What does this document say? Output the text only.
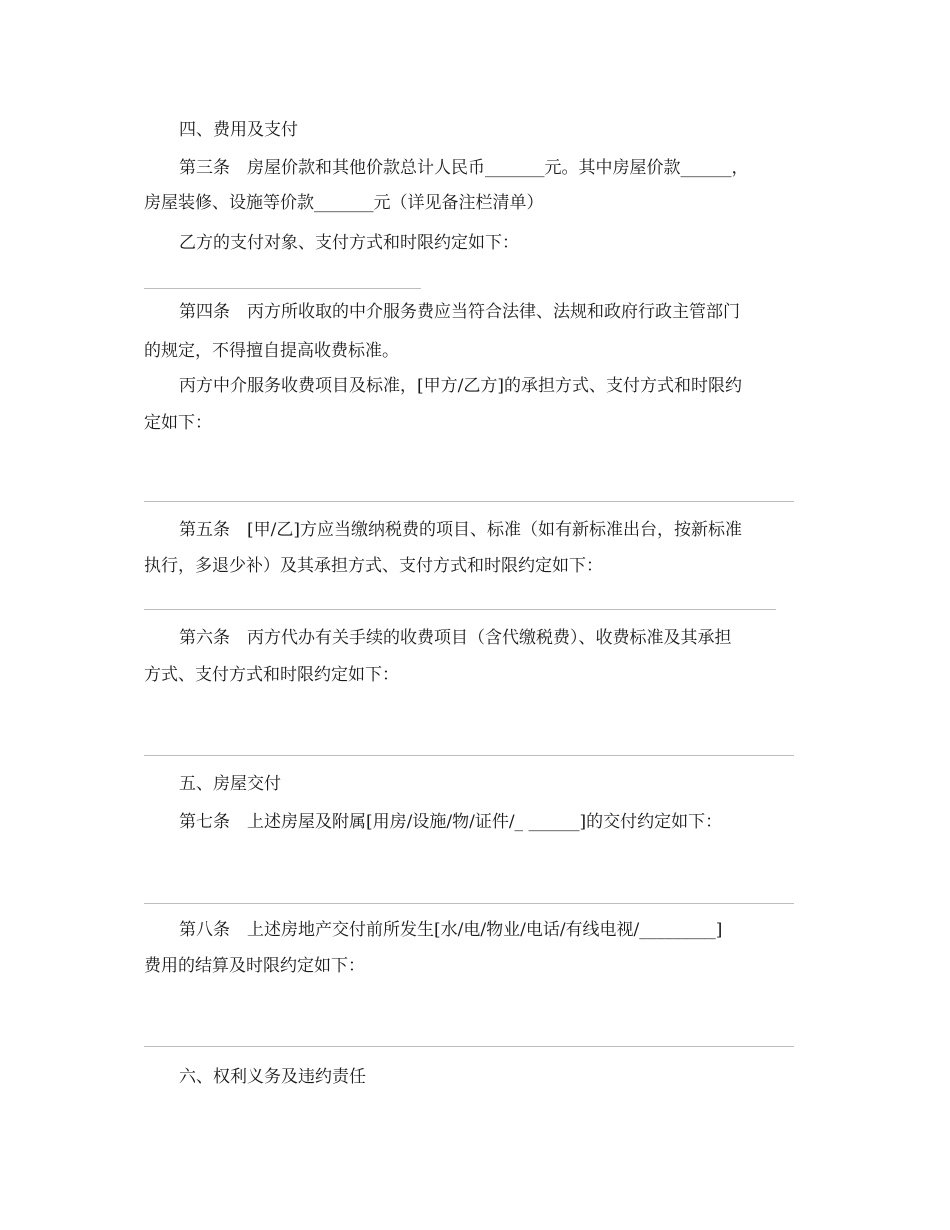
四、费用及支付
第三条　房屋价款和其他价款总计人民币_______元。其中房屋价款______，
房屋装修、设施等价款_______元（详见备注栏清单）
乙方的支付对象、支付方式和时限约定如下：
第四条　丙方所收取的中介服务费应当符合法律、法规和政府行政主管部门
的规定，不得擅自提高收费标准。
丙方中介服务收费项目及标准，[甲方/乙方]的承担方式、支付方式和时限约
定如下：
第五条　[甲/乙]方应当缴纳税费的项目、标准（如有新标准出台，按新标准
执行，多退少补）及其承担方式、支付方式和时限约定如下：
第六条　丙方代办有关手续的收费项目（含代缴税费）、收费标准及其承担
方式、支付方式和时限约定如下：
五、房屋交付
第七条　上述房屋及附属[用房/设施/物/证件/_ ______]的交付约定如下：
第八条　上述房地产交付前所发生[水/电/物业/电话/有线电视/_________]
费用的结算及时限约定如下：
六、权利义务及违约责任
